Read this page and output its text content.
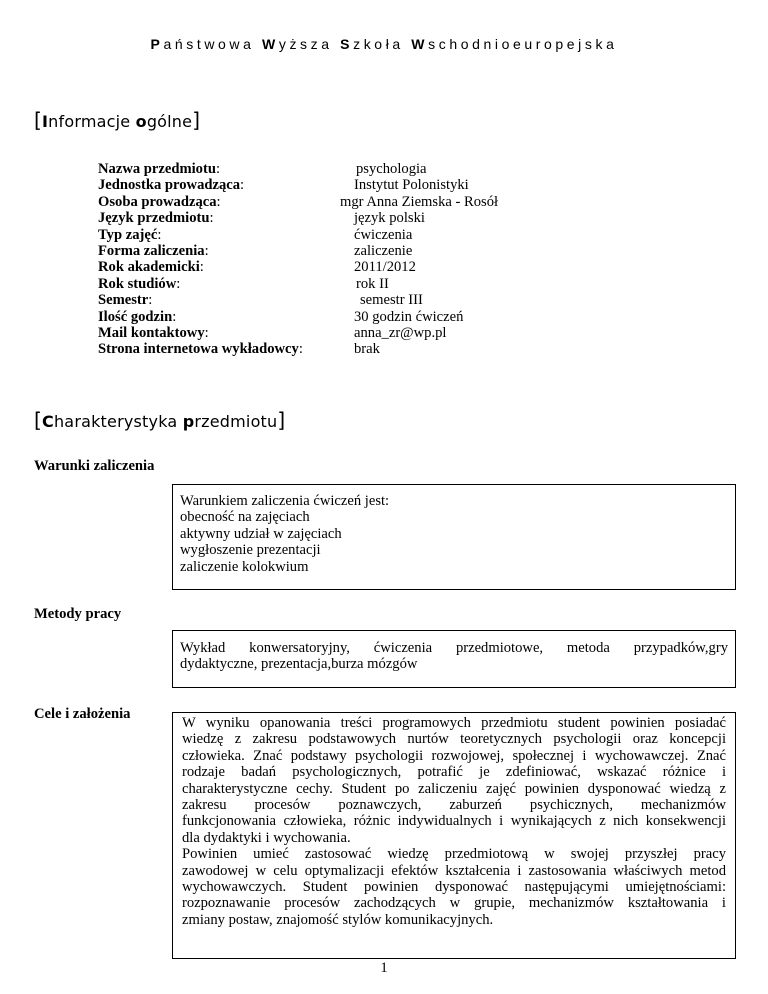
Państwowa Wyższa Szkoła Wschodnioeuropejska
[Informacje ogólne]
Nazwa przedmiotu:	psychologia
Jednostka prowadząca:	Instytut Polonistyki
Osoba prowadząca:	mgr Anna Ziemska - Rosół
Język przedmiotu:	język polski
Typ zajęć:	ćwiczenia
Forma zaliczenia:	zaliczenie
Rok akademicki:	2011/2012
Rok studiów:	rok II
Semestr:	semestr III
Ilość godzin:	30 godzin ćwiczeń
Mail kontaktowy:	anna_zr@wp.pl
Strona internetowa wykładowcy:	brak
[Charakterystyka przedmiotu]
Warunki zaliczenia
Warunkiem zaliczenia ćwiczeń jest:
obecność na zajęciach
aktywny udział w zajęciach
wygłoszenie prezentacji
zaliczenie kolokwium
Metody pracy
Wykład konwersatoryjny, ćwiczenia przedmiotowe, metoda przypadków,gry
dydaktyczne, prezentacja,burza mózgów
Cele i założenia
W wyniku opanowania treści programowych przedmiotu student powinien posiadać
wiedzę z zakresu podstawowych nurtów teoretycznych psychologii oraz koncepcji
człowieka. Znać podstawy psychologii rozwojowej, społecznej i wychowawczej. Znać
rodzaje badań psychologicznych, potrafić je zdefiniować, wskazać różnice i
charakterystyczne cechy. Student po zaliczeniu zajęć powinien dysponować wiedzą z
zakresu procesów poznawczych, zaburzeń psychicznych, mechanizmów
funkcjonowania człowieka, różnic indywidualnych i wynikających z nich konsekwencji
dla dydaktyki i wychowania.
Powinien umieć zastosować wiedzę przedmiotową w swojej przyszłej pracy
zawodowej w celu optymalizacji efektów kształcenia i zastosowania właściwych metod
wychowawczych. Student powinien dysponować następującymi umiejętnościami:
rozpoznawanie procesów zachodzących w grupie, mechanizmów kształtowania i
zmiany postaw, znajomość stylów komunikacyjnych.
1
